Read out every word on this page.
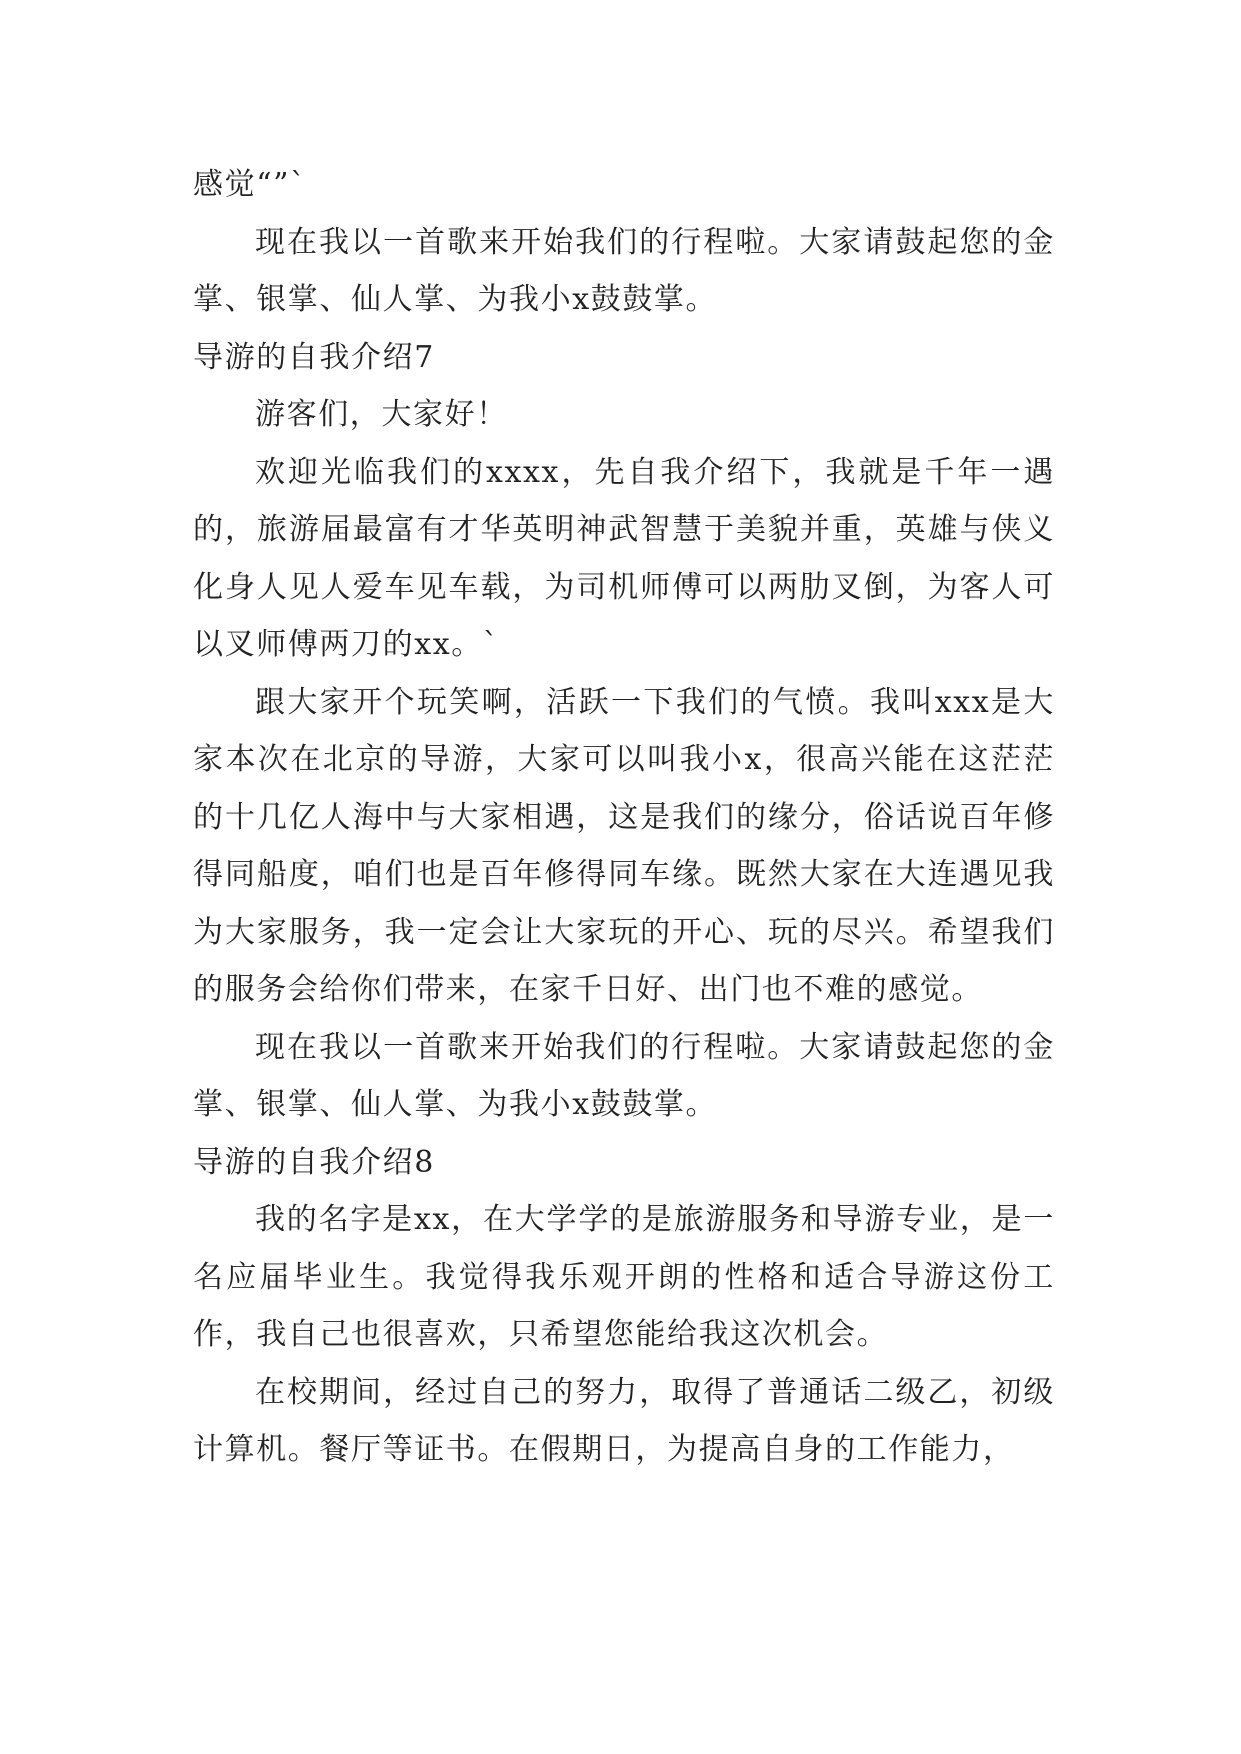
感觉“”`

现在我以一首歌来开始我们的行程啦。大家请鼓起您的金掌、银掌、仙人掌、为我小x鼓鼓掌。

导游的自我介绍7

游客们，大家好！

欢迎光临我们的xxxx，先自我介绍下，我就是千年一遇的，旅游届最富有才华英明神武智慧于美貌并重，英雄与侠义化身人见人爱车见车载，为司机师傅可以两肋叉倒，为客人可以叉师傅两刀的xx。`

跟大家开个玩笑啊，活跃一下我们的气愤。我叫xxx是大家本次在北京的导游，大家可以叫我小x，很高兴能在这茫茫的十几亿人海中与大家相遇，这是我们的缘分，俗话说百年修得同船度，咱们也是百年修得同车缘。既然大家在大连遇见我为大家服务，我一定会让大家玩的开心、玩的尽兴。希望我们的服务会给你们带来，在家千日好、出门也不难的感觉。

现在我以一首歌来开始我们的行程啦。大家请鼓起您的金掌、银掌、仙人掌、为我小x鼓鼓掌。

导游的自我介绍8

我的名字是xx，在大学学的是旅游服务和导游专业，是一名应届毕业生。我觉得我乐观开朗的性格和适合导游这份工作，我自己也很喜欢，只希望您能给我这次机会。

在校期间，经过自己的努力，取得了普通话二级乙，初级计算机。餐厅等证书。在假期日，为提高自身的工作能力，
